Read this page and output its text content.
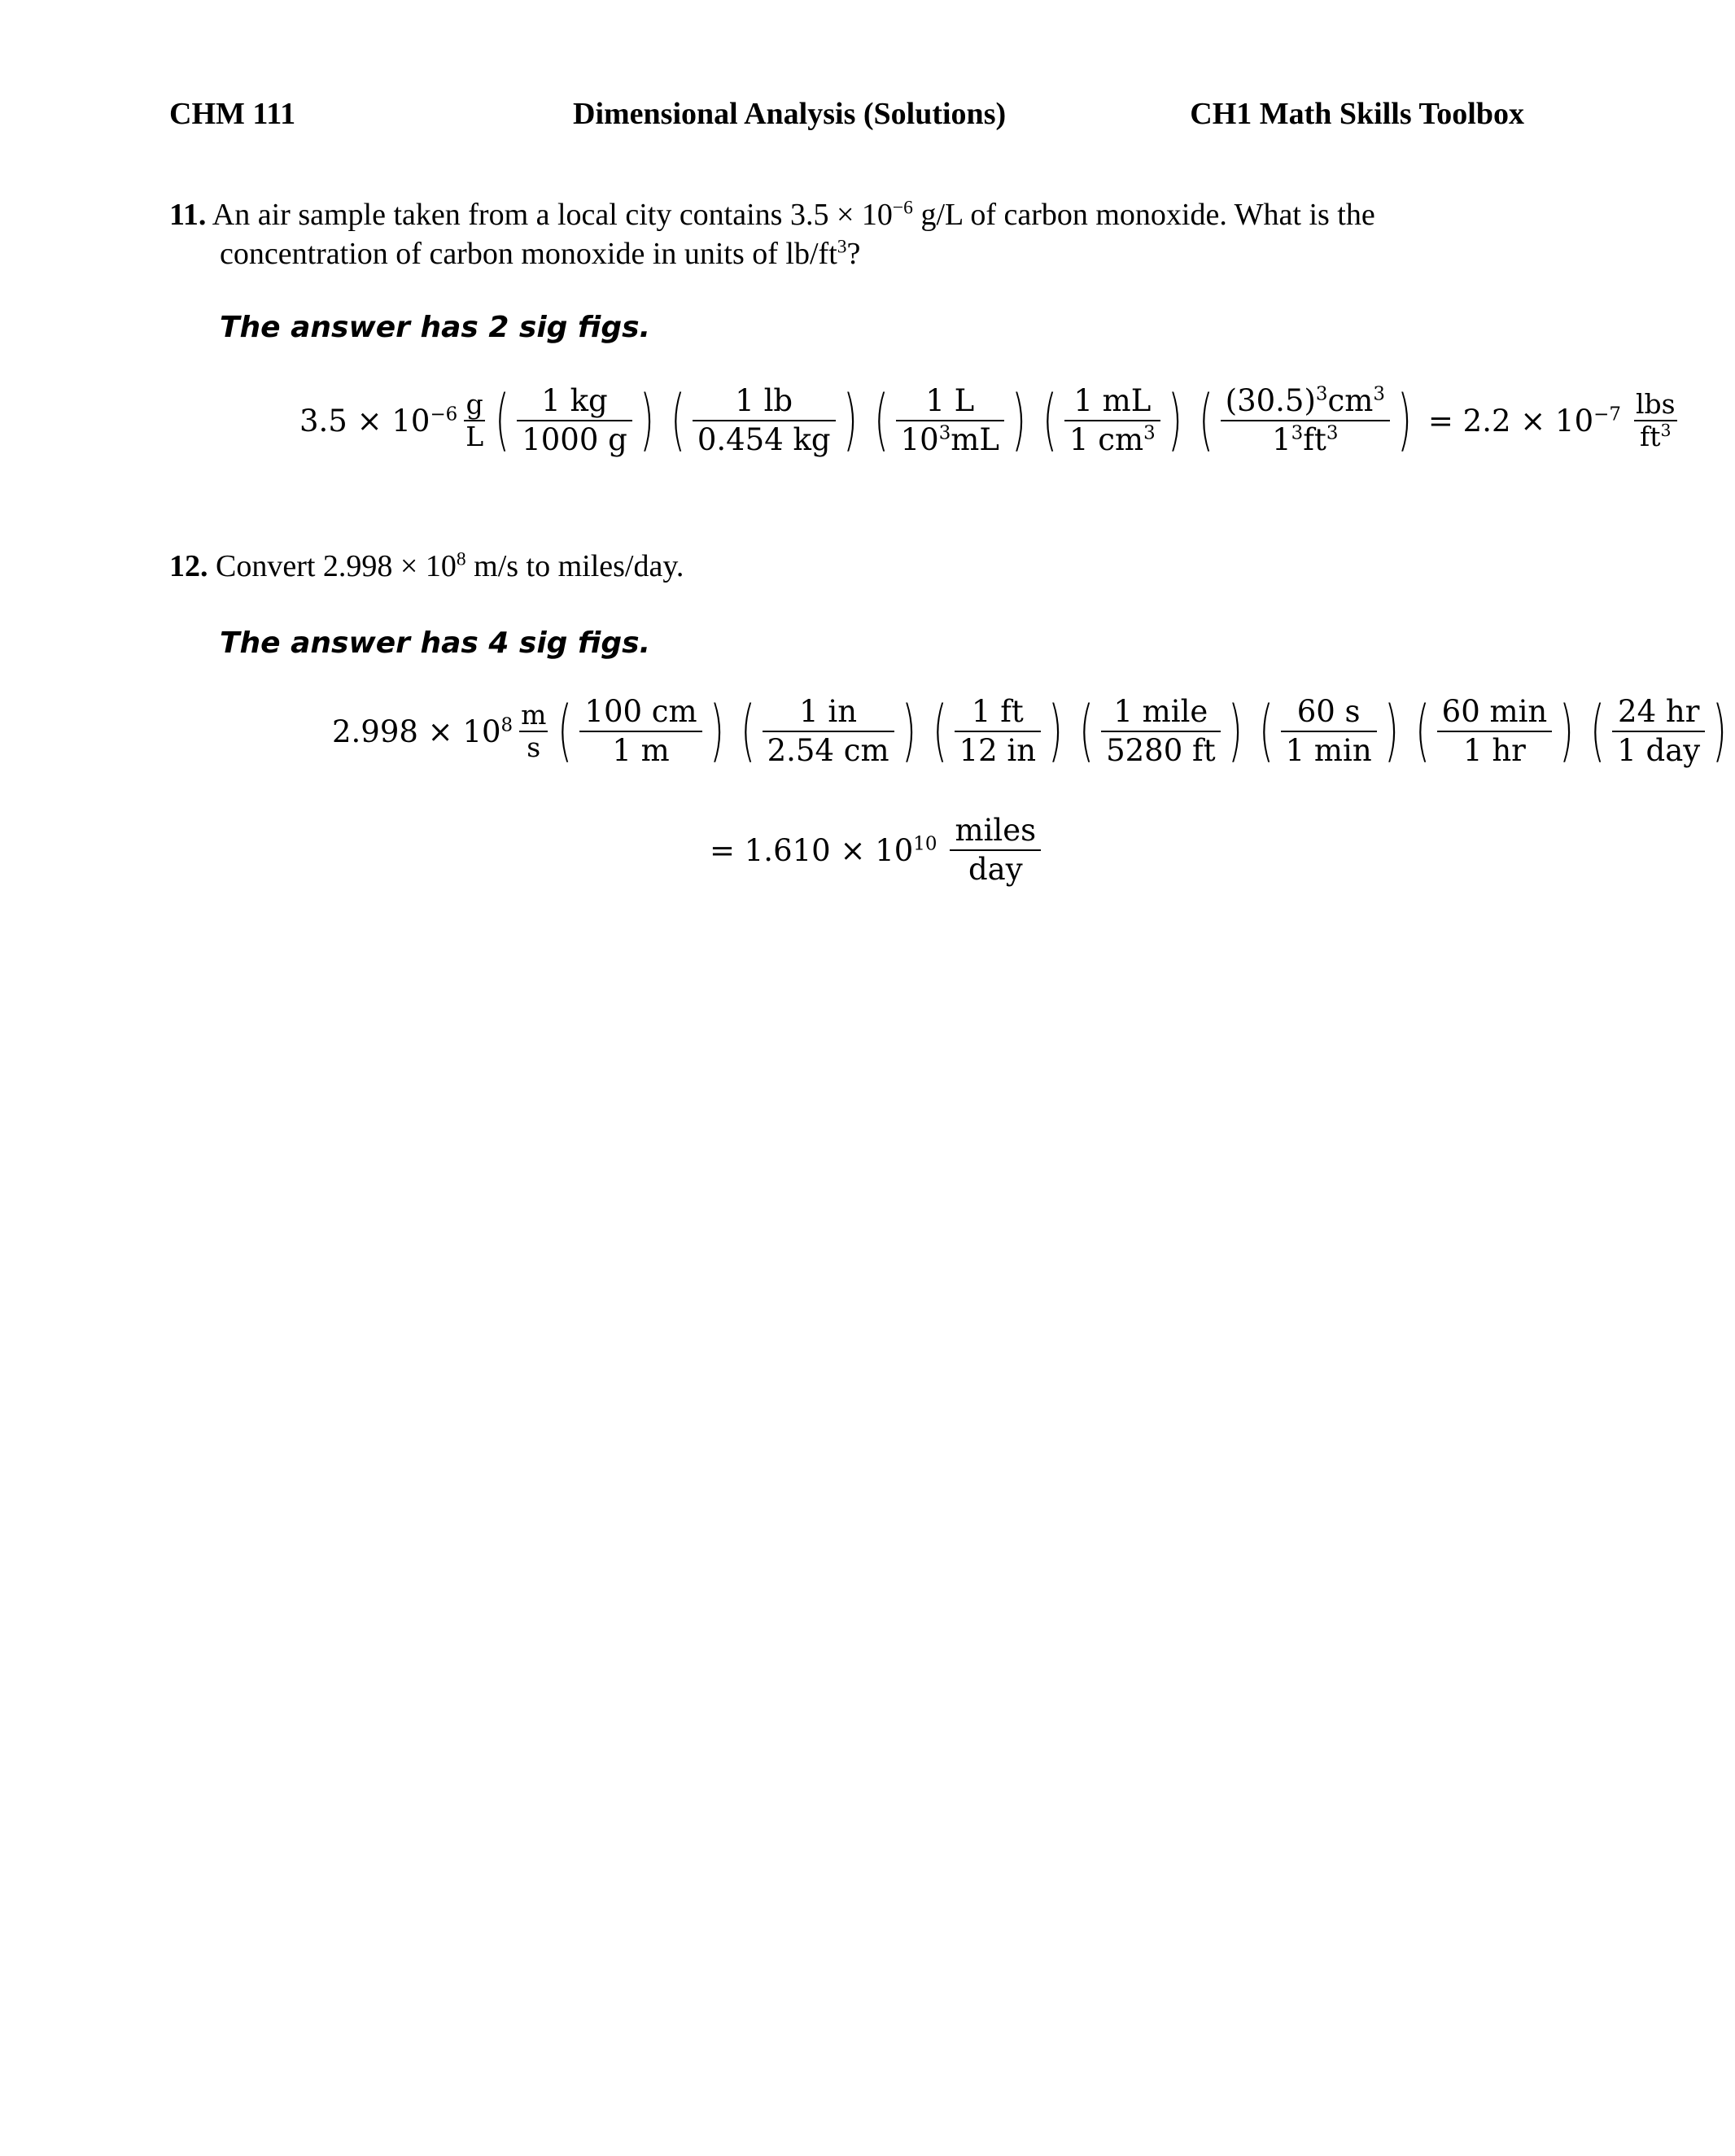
CHM 111	Dimensional Analysis (Solutions)	CH1 Math Skills Toolbox
11. An air sample taken from a local city contains $3.5 \times 10^{-6}$ g/L of carbon monoxide. What is the
concentration of carbon monoxide in units of $lb/ft^3$?
The answer has 2 sig figs.
$3.5 \times 10^{-6} \frac{g}{L}$ ( $\frac{1 kg}{1000 g}$ ) ( $\frac{1 lb}{0.454 kg}$ ) ( $\frac{1 L}{10^3mL}$ ) ( $\frac{1 mL}{1 cm^3}$ ) ( $\frac{(30.5)^3cm^3}{1^3ft^3}$ ) = $2.2 \times 10^{-7} \frac{\text{lbs}}{ft^3}$
12. Convert $2.998 \times 10^8$ m/s to miles/day.
The answer has 4 sig figs.
$2.998 \times 10^8 \frac{m}{s}$ ( $\frac{100 cm}{1 m}$ ) ( $\frac{1 in}{2.54 cm}$ ) ( $\frac{1 ft}{12 in}$ ) ( $\frac{\text{1 mile}}{5280 ft}$ ) ( $\frac{60 s}{1 \min}$ ) ( $\frac{60 \min}{1 hr}$ ) ( $\frac{24 hr}{\text{1 day}}$ )
= $1.610 \times 10^{10} \frac{\text{miles}}{\text{day}}$
